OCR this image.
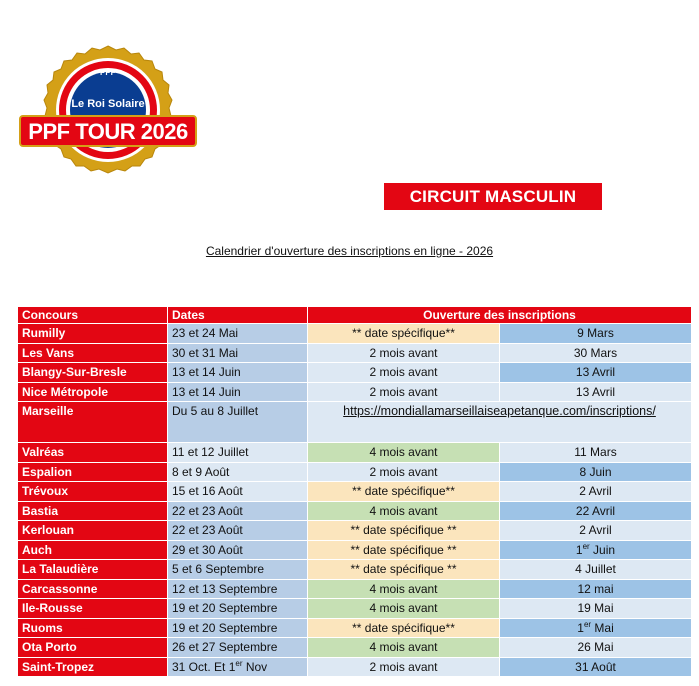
PPF
Le Roi Solaire
PPF TOUR 2026
CIRCUIT MASCULIN
Calendrier d'ouverture des inscriptions en ligne - 2026
Concours	Dates	Ouverture des inscriptions	
Rumilly	23 et 24 Mai	** date spécifique**	9 Mars
Les Vans	30 et 31 Mai	2 mois avant	30 Mars
Blangy-Sur-Bresle	13 et 14 Juin	2 mois avant	13 Avril
Nice Métropole	13 et 14 Juin	2 mois avant	13 Avril
Marseille	Du 5 au 8 Juillet	https://mondiallamarseillaiseapetanque.com/inscriptions/	
Valréas	11 et 12 Juillet	4 mois avant	11 Mars
Espalion	8 et 9 Août	2 mois avant	8 Juin
Trévoux	15 et 16 Août	** date spécifique**	2 Avril
Bastia	22 et 23 Août	4 mois avant	22 Avril
Kerlouan	22 et 23 Août	** date spécifique **	2 Avril
Auch	29 et 30 Août	** date spécifique **	1er Juin
La Talaudière	5 et 6 Septembre	** date spécifique **	4 Juillet
Carcassonne	12 et 13 Septembre	4 mois avant	12 mai
Ile-Rousse	19 et 20 Septembre	4 mois avant	19 Mai
Ruoms	19 et 20 Septembre	** date spécifique**	1er Mai
Ota Porto	26 et 27 Septembre	4 mois avant	26 Mai
Saint-Tropez	31 Oct. Et 1er Nov	2 mois avant	31 Août
